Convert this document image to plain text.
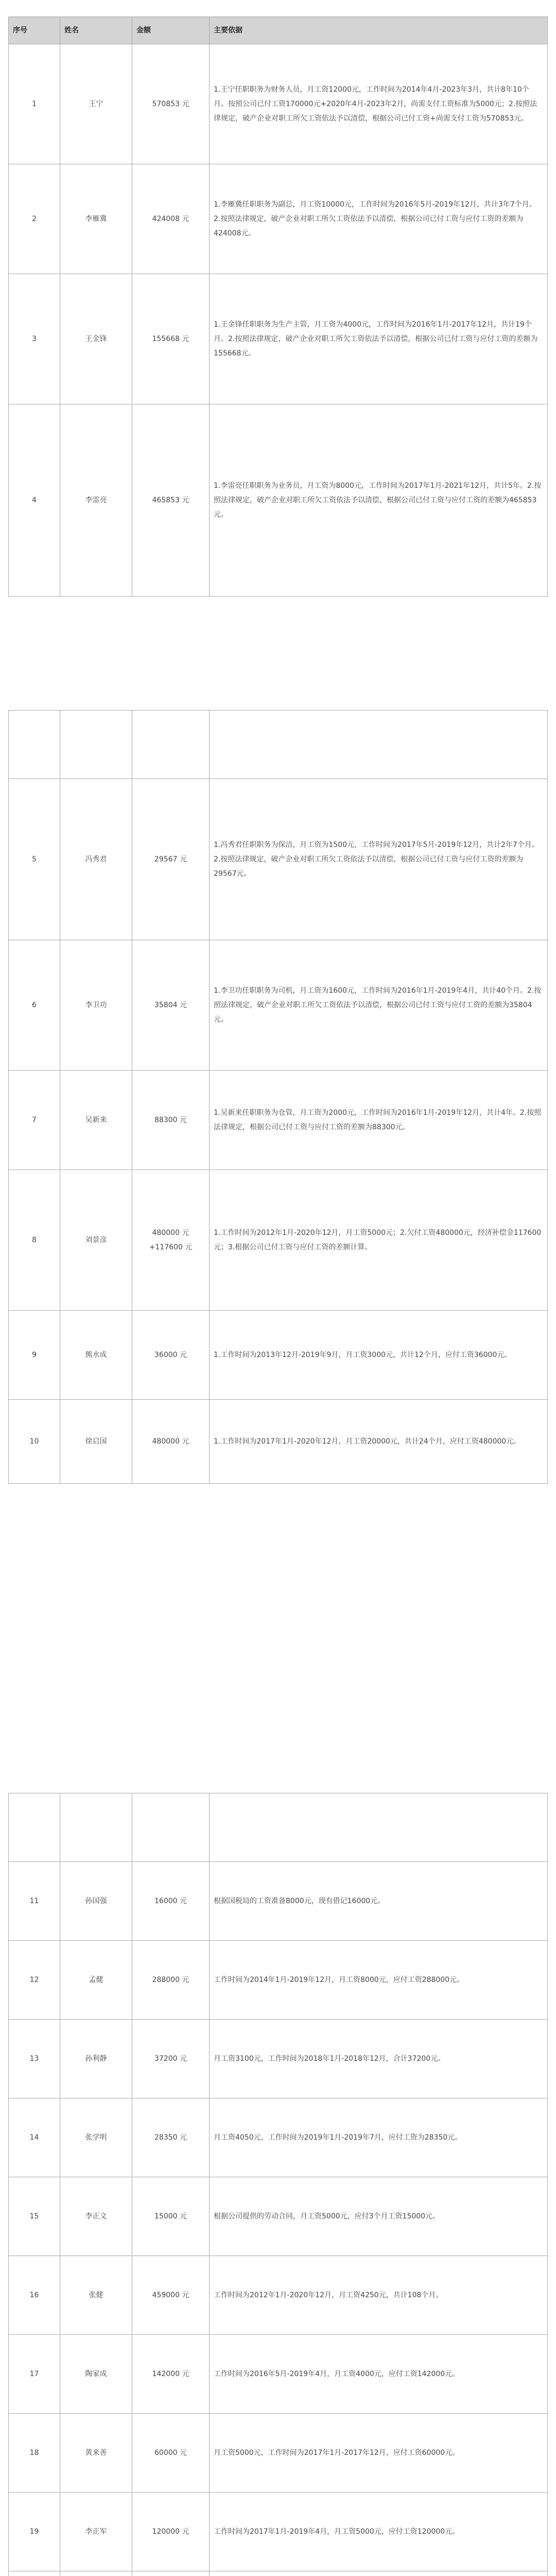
序号	姓名	金额	主要依据
1	王宁	570853 元	1.王宁任职职务为财务人员，月工资12000元，工作时间为2014年4月-2023年3月，共计8年10个月。按照公司已付工资170000元+2020年4月-2023年2月，尚需支付工资标准为5000元；2.按照法律规定，破产企业对职工所欠工资依法予以清偿，根据公司已付工资+尚需支付工资为570853元。
2	李雁冀	424008 元	1.李雁冀任职职务为副总，月工资10000元，工作时间为2016年5月-2019年12月，共计3年7个月。2.按照法律规定，破产企业对职工所欠工资依法予以清偿，根据公司已付工资与应付工资的差额为424008元。
3	王金锋	155668 元	1.王金锋任职职务为生产主管，月工资为4000元，工作时间为2016年1月-2017年12月，共计19个月。2.按照法律规定，破产企业对职工所欠工资依法予以清偿，根据公司已付工资与应付工资的差额为155668元。
4	李雷亮	465853 元	1.李雷亮任职职务为业务员，月工资为8000元，工作时间为2017年1月-2021年12月，共计5年。2.按照法律规定，破产企业对职工所欠工资依法予以清偿，根据公司已付工资与应付工资的差额为465853元。

5	冯秀君	29567 元	1.冯秀君任职职务为保洁，月工资为1500元，工作时间为2017年5月-2019年12月，共计2年7个月。2.按照法律规定，破产企业对职工所欠工资依法予以清偿，根据公司已付工资与应付工资的差额为29567元。
6	李卫功	35804 元	1.李卫功任职职务为司机，月工资为1600元，工作时间为2016年1月-2019年4月，共计40个月。2.按照法律规定，破产企业对职工所欠工资依法予以清偿，根据公司已付工资与应付工资的差额为35804元。
7	吴新来	88300 元	1.吴新来任职职务为仓管，月工资为2000元，工作时间为2016年1月-2019年12月，共计4年。2.按照法律规定，根据公司已付工资与应付工资的差额为88300元。
8	刘景彦	480000 元+117600 元	1.工作时间为2012年1月-2020年12月，月工资5000元；2.欠付工资480000元，经济补偿金117600元；3.根据公司已付工资与应付工资的差额计算。
9	熊水成	36000 元	1.工作时间为2013年12月-2019年9月，月工资3000元，共计12个月，应付工资36000元。
10	徐启国	480000 元	1.工作时间为2017年1月-2020年12月，月工资20000元，共计24个月，应付工资480000元。

11	孙国强	16000 元	根据国税局的工资准备8000元，现有借记16000元。
12	孟健	288000 元	工作时间为2014年1月-2019年12月，月工资8000元，应付工资288000元。
13	孙利静	37200 元	月工资3100元，工作时间为2018年1月-2018年12月，合计37200元。
14	张学明	28350 元	月工资4050元，工作时间为2019年1月-2019年7月，应付工资为28350元。
15	李正文	15000 元	根据公司提供的劳动合同，月工资5000元，应付3个月工资15000元。
16	张健	459000 元	工作时间为2012年1月-2020年12月，月工资4250元，共计108个月。
17	陶家成	142000 元	工作时间为2016年5月-2019年4月，月工资4000元，应付工资142000元。
18	黄来善	60000 元	月工资5000元，工作时间为2017年1月-2017年12月，应付工资60000元。
19	李正军	120000 元	工作时间为2017年1月-2019年4月，月工资5000元，应付工资120000元。
